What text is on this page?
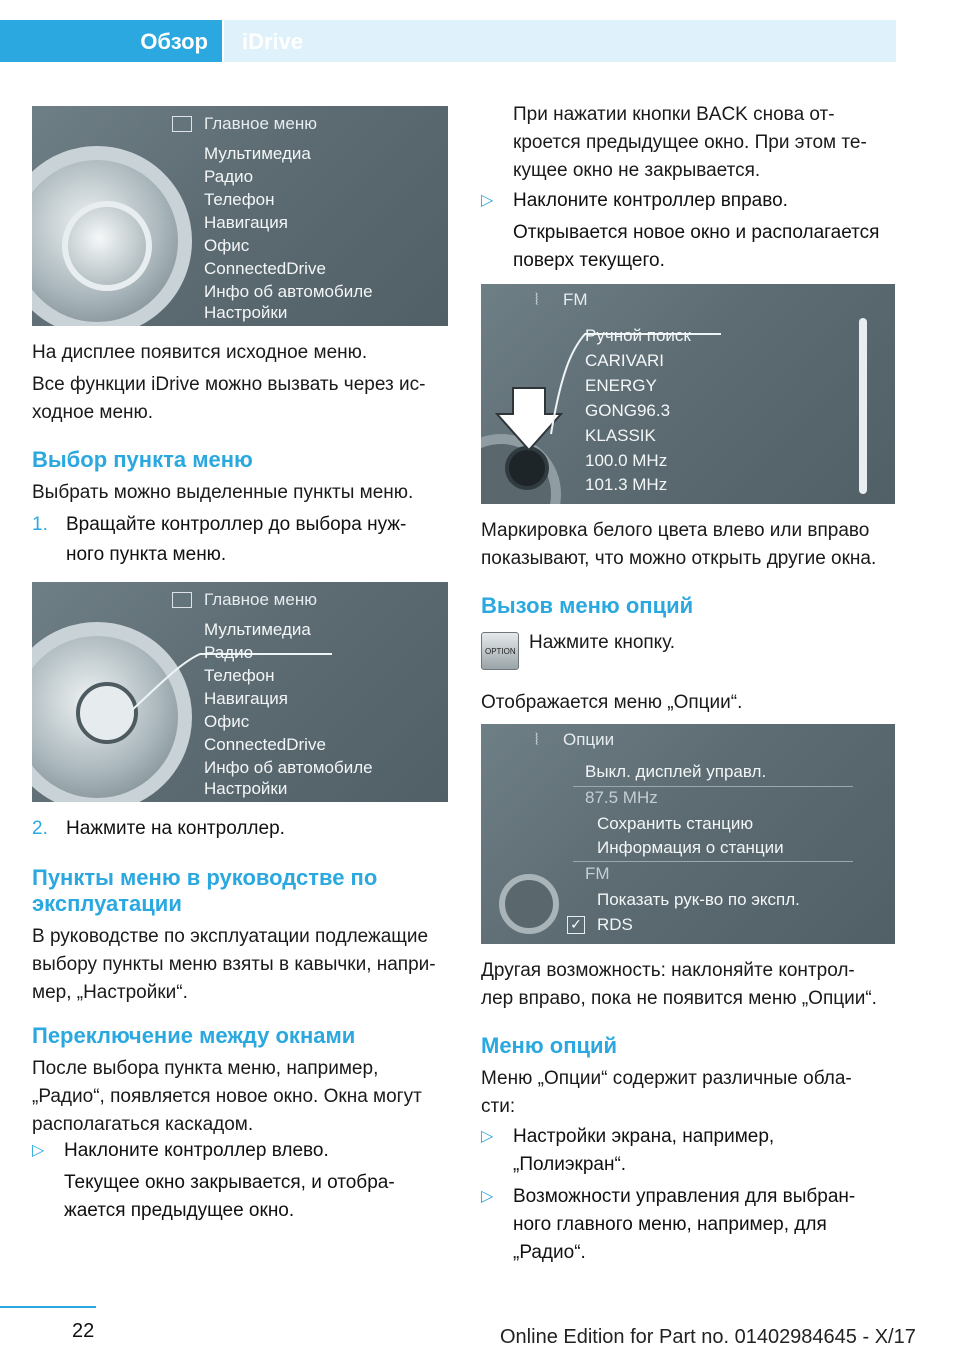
Обзор iDrive
Главное меню
Мультимедиа
Радио
Телефон
Навигация
Офис
ConnectedDrive
Инфо об автомобиле
Настройки
На дисплее появится исходное меню.
Все функции iDrive можно вызвать через ис-
ходное меню.
Выбор пункта меню
Выбрать можно выделенные пункты меню.
1. Вращайте контроллер до выбора нуж-
ного пункта меню.
Главное меню
Мультимедиа
Радио
Телефон
Навигация
Офис
ConnectedDrive
Инфо об автомобиле
Настройки
2. Нажмите на контроллер.
Пункты меню в руководстве по
эксплуатации
В руководстве по эксплуатации подлежащие
выбору пункты меню взяты в кавычки, напри-
мер, „Настройки“.
Переключение между окнами
После выбора пункта меню, например,
„Радио“, появляется новое окно. Окна могут
располагаться каскадом.
▷ Наклоните контроллер влево.
Текущее окно закрывается, и отобра-
жается предыдущее окно.
При нажатии кнопки BACK снова от-
кроется предыдущее окно. При этом те-
кущее окно не закрывается.
▷ Наклоните контроллер вправо.
Открывается новое окно и располагается
поверх текущего.
⦚ FM
Ручной поиск
CARIVARI
ENERGY
GONG96.3
KLASSIK
100.0 MHz
101.3 MHz
Маркировка белого цвета влево или вправо
показывают, что можно открыть другие окна.
Вызов меню опций
OPTION Нажмите кнопку.
Отображается меню „Опции“.
⦚ Опции
Выкл. дисплей управл.
87.5 MHz
Сохранить станцию
Информация о станции
FM
Показать рук-во по экспл.
✓ RDS
Другая возможность: наклоняйте контрол-
лер вправо, пока не появится меню „Опции“.
Меню опций
Меню „Опции“ содержит различные обла-
сти:
▷ Настройки экрана, например,
„Полиэкран“.
▷ Возможности управления для выбран-
ного главного меню, например, для
„Радио“.
22	Online Edition for Part no. 01402984645 - X/17
